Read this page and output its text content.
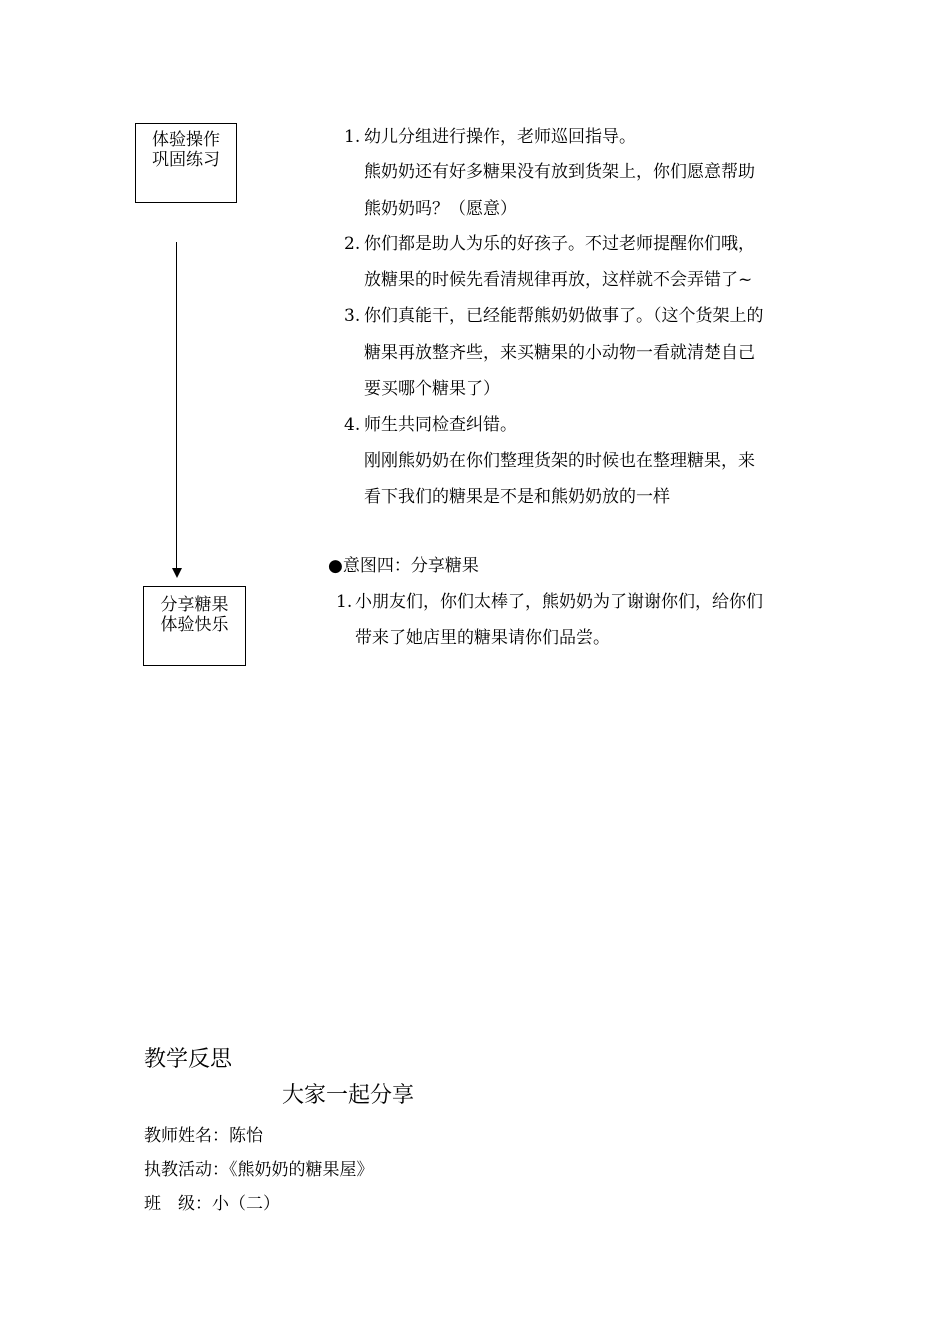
体验操作
巩固练习
分享糖果
体验快乐
1. 幼儿分组进行操作，老师巡回指导。
熊奶奶还有好多糖果没有放到货架上，你们愿意帮助
熊奶奶吗？（愿意）
2. 你们都是助人为乐的好孩子。不过老师提醒你们哦，
放糖果的时候先看清规律再放，这样就不会弄错了~
3. 你们真能干，已经能帮熊奶奶做事了。（这个货架上的
糖果再放整齐些，来买糖果的小动物一看就清楚自己
要买哪个糖果了）
4. 师生共同检查纠错。
刚刚熊奶奶在你们整理货架的时候也在整理糖果，来
看下我们的糖果是不是和熊奶奶放的一样
●意图四：分享糖果
1. 小朋友们，你们太棒了，熊奶奶为了谢谢你们，给你们
带来了她店里的糖果请你们品尝。
教学反思
大家一起分享
教师姓名：陈怡
执教活动：《熊奶奶的糖果屋》
班　级：小（二）
